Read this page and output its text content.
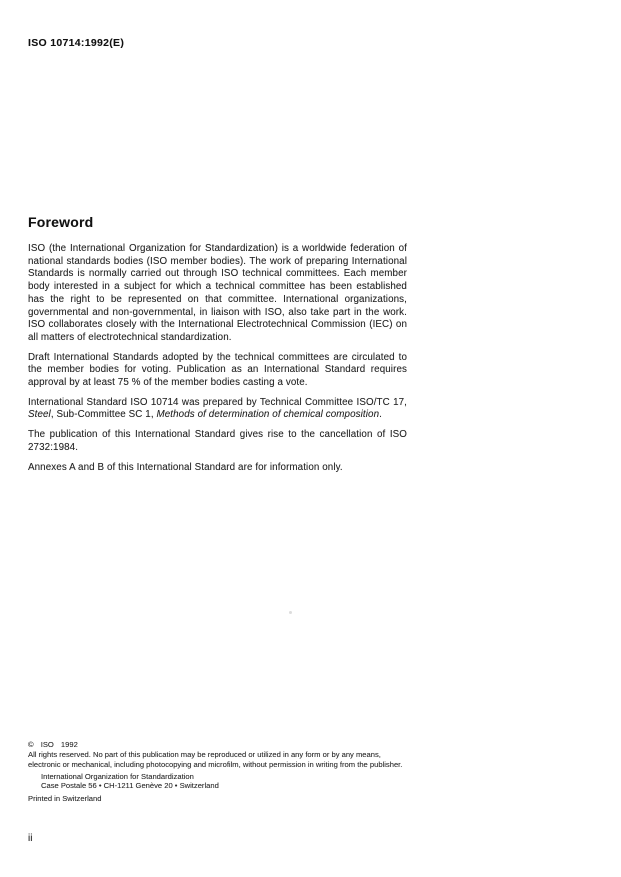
ISO 10714:1992(E)
Foreword

ISO (the International Organization for Standardization) is a worldwide federation of national standards bodies (ISO member bodies). The work of preparing International Standards is normally carried out through ISO technical committees. Each member body interested in a subject for which a technical committee has been established has the right to be represented on that committee. International organizations, governmental and non-governmental, in liaison with ISO, also take part in the work. ISO collaborates closely with the International Electrotechnical Commission (IEC) on all matters of electrotechnical standardization.

Draft International Standards adopted by the technical committees are circulated to the member bodies for voting. Publication as an International Standard requires approval by at least 75 % of the member bodies casting a vote.

International Standard ISO 10714 was prepared by Technical Committee ISO/TC 17, Steel, Sub-Committee SC 1, Methods of determination of chemical composition.

The publication of this International Standard gives rise to the cancellation of ISO 2732:1984.

Annexes A and B of this International Standard are for information only.

© ISO 1992
All rights reserved. No part of this publication may be reproduced or utilized in any form or by any means, electronic or mechanical, including photocopying and microfilm, without permission in writing from the publisher.
International Organization for Standardization
Case Postale 56 • CH-1211 Genève 20 • Switzerland
Printed in Switzerland
ii
